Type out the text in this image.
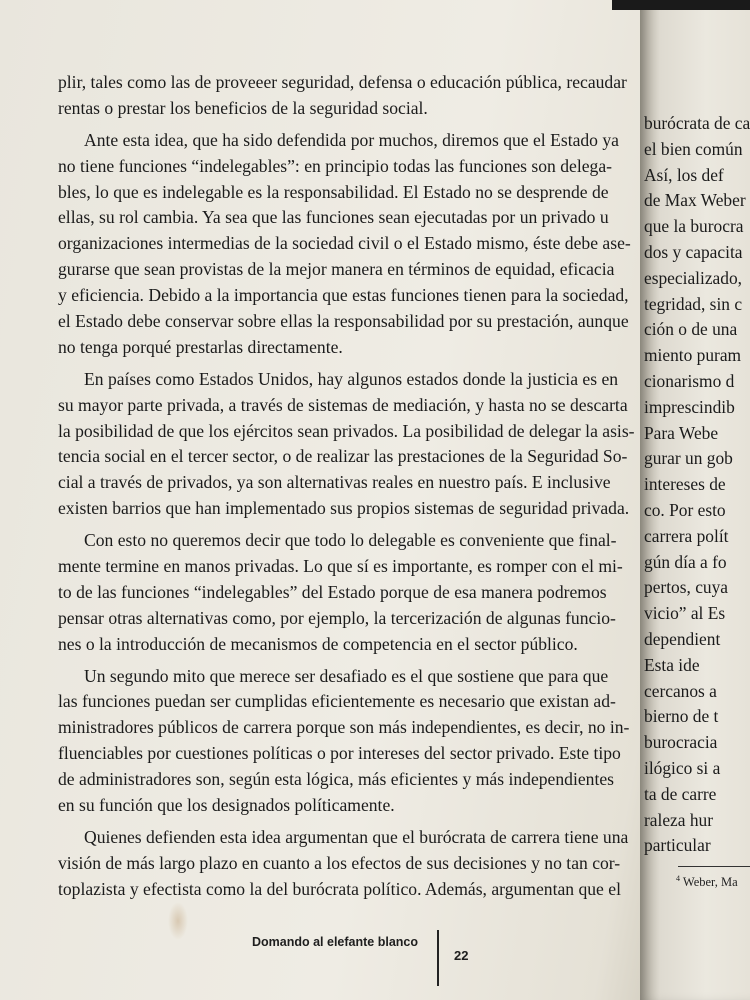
plir, tales como las de proveeer seguridad, defensa o educación pública, recaudar
rentas o prestar los beneficios de la seguridad social.
Ante esta idea, que ha sido defendida por muchos, diremos que el Estado ya
no tiene funciones “indelegables”: en principio todas las funciones son delega-
bles, lo que es indelegable es la responsabilidad. El Estado no se desprende de
ellas, su rol cambia. Ya sea que las funciones sean ejecutadas por un privado u
organizaciones intermedias de la sociedad civil o el Estado mismo, éste debe ase-
gurarse que sean provistas de la mejor manera en términos de equidad, eficacia
y eficiencia. Debido a la importancia que estas funciones tienen para la sociedad,
el Estado debe conservar sobre ellas la responsabilidad por su prestación, aunque
no tenga porqué prestarlas directamente.
En países como Estados Unidos, hay algunos estados donde la justicia es en
su mayor parte privada, a través de sistemas de mediación, y hasta no se descarta
la posibilidad de que los ejércitos sean privados. La posibilidad de delegar la asis-
tencia social en el tercer sector, o de realizar las prestaciones de la Seguridad So-
cial a través de privados, ya son alternativas reales en nuestro país. E inclusive
existen barrios que han implementado sus propios sistemas de seguridad privada.
Con esto no queremos decir que todo lo delegable es conveniente que final-
mente termine en manos privadas. Lo que sí es importante, es romper con el mi-
to de las funciones “indelegables” del Estado porque de esa manera podremos
pensar otras alternativas como, por ejemplo, la tercerización de algunas funcio-
nes o la introducción de mecanismos de competencia en el sector público.
Un segundo mito que merece ser desafiado es el que sostiene que para que
las funciones puedan ser cumplidas eficientemente es necesario que existan ad-
ministradores públicos de carrera porque son más independientes, es decir, no in-
fluenciables por cuestiones políticas o por intereses del sector privado. Este tipo
de administradores son, según esta lógica, más eficientes y más independientes
en su función que los designados políticamente.
Quienes defienden esta idea argumentan que el burócrata de carrera tiene una
visión de más largo plazo en cuanto a los efectos de sus decisiones y no tan cor-
toplazista y efectista como la del burócrata político. Además, argumentan que el
Domando al elefante blanco
22
burócrata de ca
el bien común
Así, los def
de Max Weber
que la burocra
dos y capacita
especializado,
tegridad, sin c
ción o de una
miento puram
cionarismo d
imprescindib
Para Webe
gurar un gob
intereses de
co. Por esto
carrera polít
gún día a fo
pertos, cuya
vicio” al Es
dependient
Esta ide
cercanos a
bierno de t
burocracia
ilógico si a
ta de carre
raleza hur
particular
$^4$ Weber, Ma
